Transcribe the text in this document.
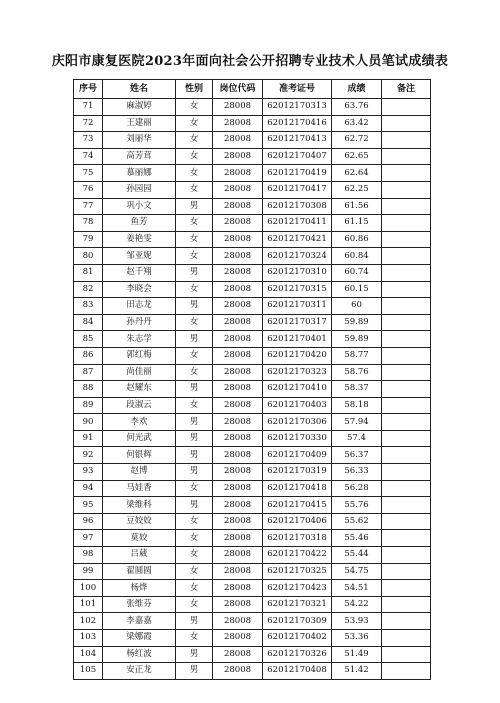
庆阳市康复医院2023年面向社会公开招聘专业技术人员笔试成绩表
序号	姓名	性别	岗位代码	准考证号	成绩	备注
71	麻淑婷	女	28008	62012170313	63.76	
72	王建丽	女	28008	62012170416	63.42	
73	刘丽华	女	28008	62012170413	62.72	
74	高芳茸	女	28008	62012170407	62.65	
75	慕丽娜	女	28008	62012170419	62.64	
76	孙园园	女	28008	62012170417	62.25	
77	巩小文	男	28008	62012170308	61.56	
78	鱼芳	女	28008	62012170411	61.15	
79	姜艳雯	女	28008	62012170421	60.86	
80	邹亚妮	女	28008	62012170324	60.84	
81	赵千翔	男	28008	62012170310	60.74	
82	李晓会	女	28008	62012170315	60.15	
83	田志龙	男	28008	62012170311	60	
84	孙丹丹	女	28008	62012170317	59.89	
85	朱志学	男	28008	62012170401	59.89	
86	郭红梅	女	28008	62012170420	58.77	
87	尚佳丽	女	28008	62012170323	58.76	
88	赵耀东	男	28008	62012170410	58.37	
89	段淑云	女	28008	62012170403	58.18	
90	李欢	男	28008	62012170306	57.94	
91	何光武	男	28008	62012170330	57.4	
92	何银辉	男	28008	62012170409	56.37	
93	赵博	男	28008	62012170319	56.33	
94	马娃香	女	28008	62012170418	56.28	
95	梁维科	男	28008	62012170415	55.76	
96	豆姣姣	女	28008	62012170406	55.62	
97	莫姣	女	28008	62012170318	55.46	
98	吕葳	女	28008	62012170422	55.44	
99	翟圆圆	女	28008	62012170325	54.75	
100	杨烨	女	28008	62012170423	54.51	
101	张维芬	女	28008	62012170321	54.22	
102	李嘉嘉	男	28008	62012170309	53.93	
103	梁娜霞	女	28008	62012170402	53.36	
104	杨红波	男	28008	62012170326	51.49	
105	安正龙	男	28008	62012170408	51.42	
